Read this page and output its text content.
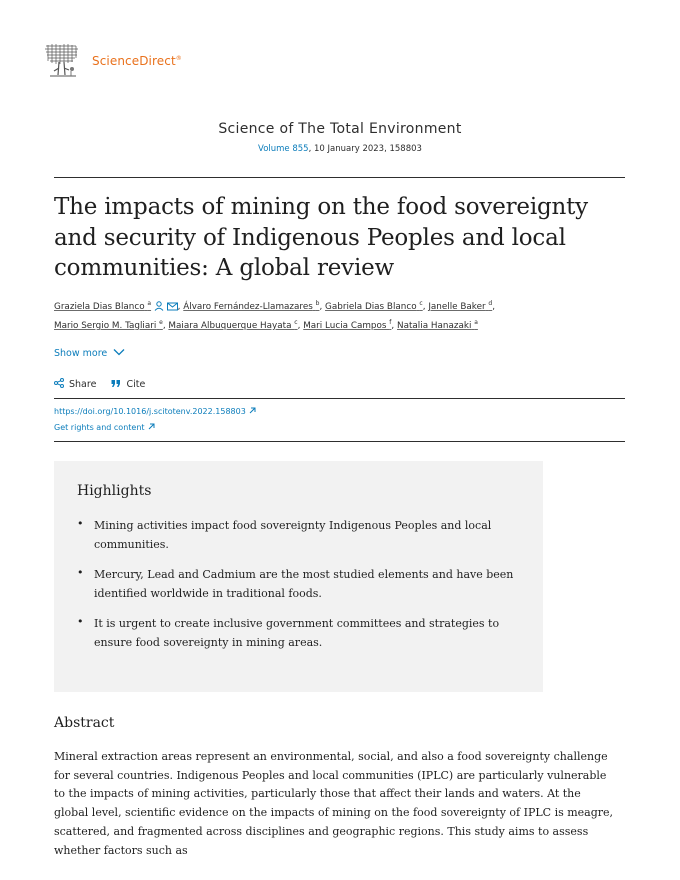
ScienceDirect®
Science of The Total Environment
Volume 855, 10 January 2023, 158803
The impacts of mining on the food sovereignty and security of Indigenous Peoples and local communities: A global review
Graziela Dias Blanco $^a$	, Álvaro Fernández-Llamazares $^b$, Gabriela Dias Blanco $^c$, Janelle Baker $^d$,
Mario Sergio M. Tagliari $^e$, Maiara Albuquerque Hayata $^c$, Mari Lucia Campos $^f$, Natalia Hanazaki $^a$
Show more
Share	Cite
https://doi.org/10.1016/j.scitotenv.2022.158803
Get rights and content
Highlights
• Mining activities impact food sovereignty Indigenous Peoples and local communities.
• Mercury, Lead and Cadmium are the most studied elements and have been identified worldwide in traditional foods.
• It is urgent to create inclusive government committees and strategies to ensure food sovereignty in mining areas.
Abstract

Mineral extraction areas represent an environmental, social, and also a food sovereignty challenge for several countries. Indigenous Peoples and local communities (IPLC) are particularly vulnerable to the impacts of mining activities, particularly those that affect their lands and waters. At the global level, scientific evidence on the impacts of mining on the food sovereignty of IPLC is meagre, scattered, and fragmented across disciplines and geographic regions. This study aims to assess whether factors such as
